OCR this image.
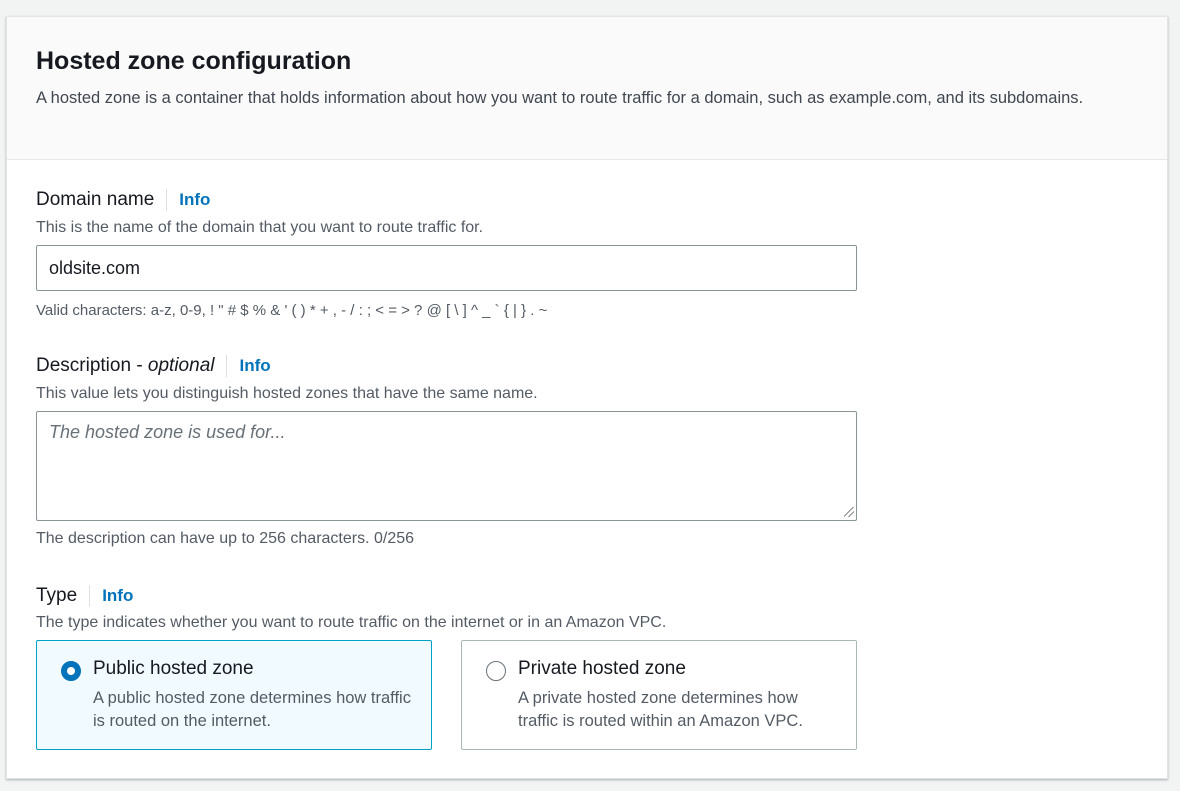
Hosted zone configuration
A hosted zone is a container that holds information about how you want to route traffic for a domain, such as example.com, and its subdomains.
Domain name Info
This is the name of the domain that you want to route traffic for.
oldsite.com
Valid characters: a-z, 0-9, ! " # $ % & ' ( ) * + , - / : ; < = > ? @ [ \ ] ^ _ ` { | } . ~
Description - optional Info
This value lets you distinguish hosted zones that have the same name.
The hosted zone is used for...
The description can have up to 256 characters. 0/256
Type Info
The type indicates whether you want to route traffic on the internet or in an Amazon VPC.
Public hosted zone
A public hosted zone determines how traffic is routed on the internet.
Private hosted zone
A private hosted zone determines how traffic is routed within an Amazon VPC.
